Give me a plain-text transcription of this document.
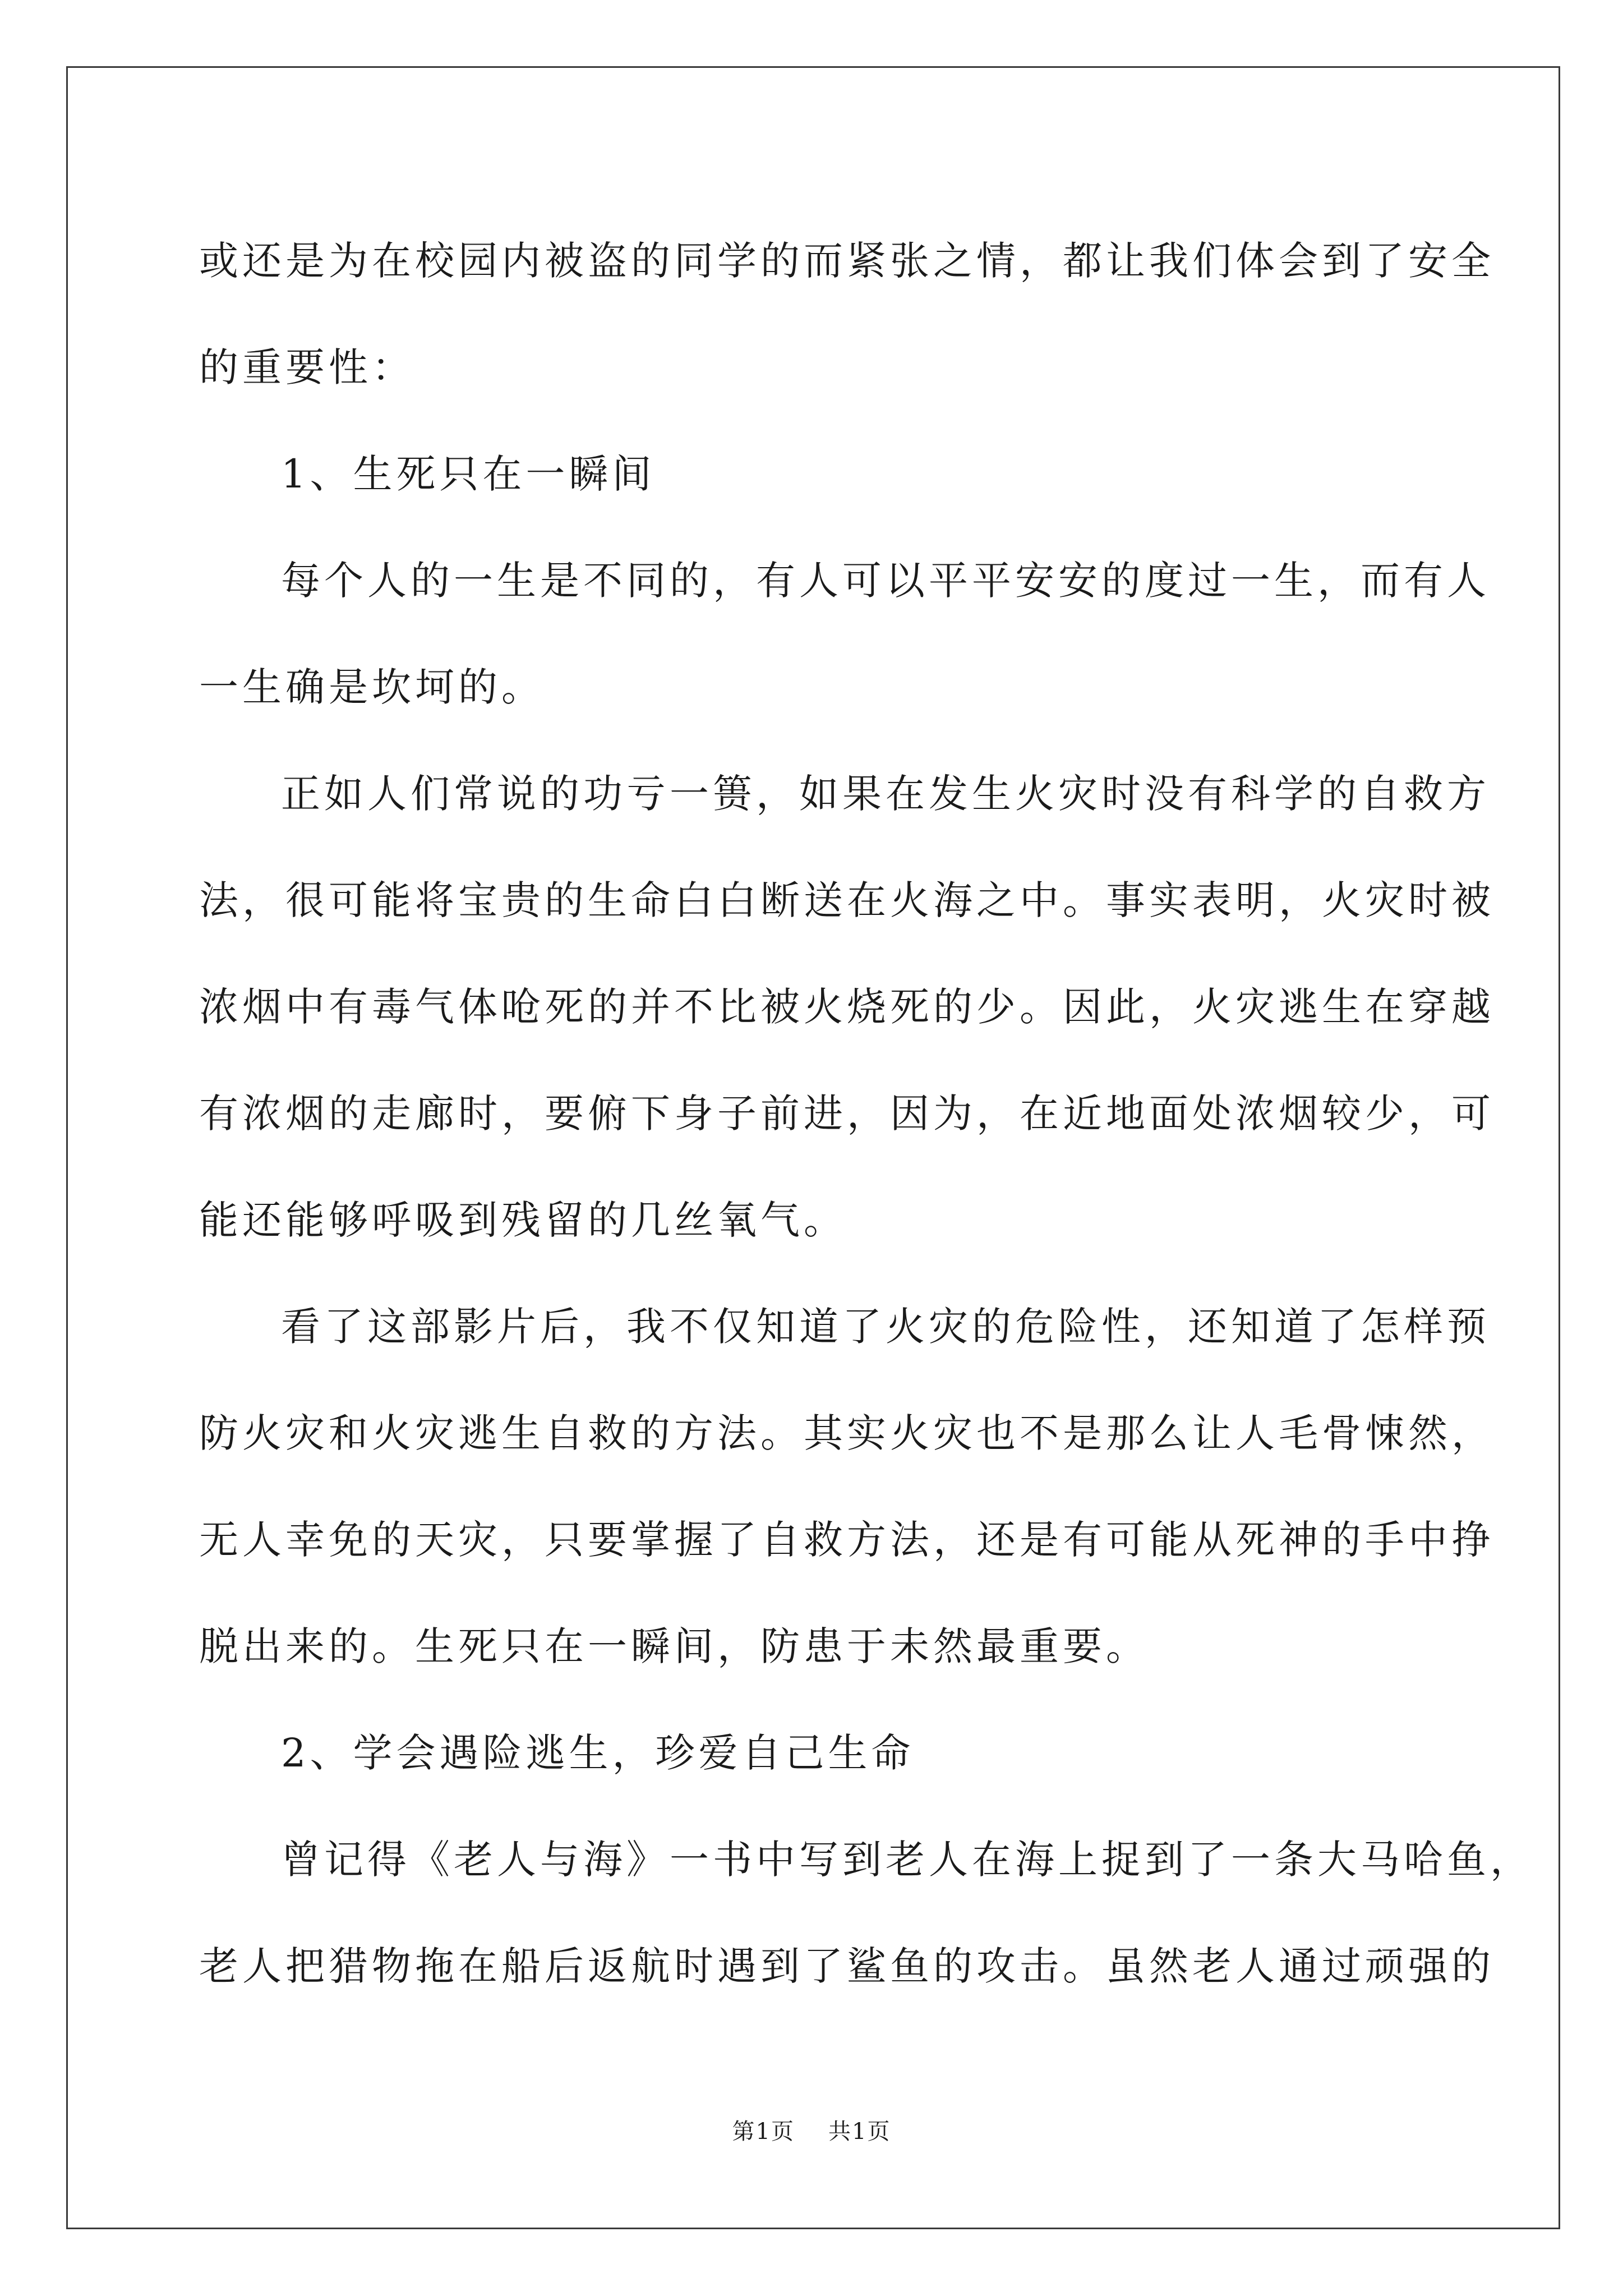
或还是为在校园内被盗的同学的而紧张之情，都让我们体会到了安全
的重要性：
1、生死只在一瞬间
每个人的一生是不同的，有人可以平平安安的度过一生，而有人
一生确是坎坷的。
正如人们常说的功亏一篑，如果在发生火灾时没有科学的自救方
法，很可能将宝贵的生命白白断送在火海之中。事实表明，火灾时被
浓烟中有毒气体呛死的并不比被火烧死的少。因此，火灾逃生在穿越
有浓烟的走廊时，要俯下身子前进，因为，在近地面处浓烟较少，可
能还能够呼吸到残留的几丝氧气。
看了这部影片后，我不仅知道了火灾的危险性，还知道了怎样预
防火灾和火灾逃生自救的方法。其实火灾也不是那么让人毛骨悚然，
无人幸免的天灾，只要掌握了自救方法，还是有可能从死神的手中挣
脱出来的。生死只在一瞬间，防患于未然最重要。
2、学会遇险逃生，珍爱自己生命
曾记得《老人与海》一书中写到老人在海上捉到了一条大马哈鱼，
老人把猎物拖在船后返航时遇到了鲨鱼的攻击。虽然老人通过顽强的
第1页 共1页
